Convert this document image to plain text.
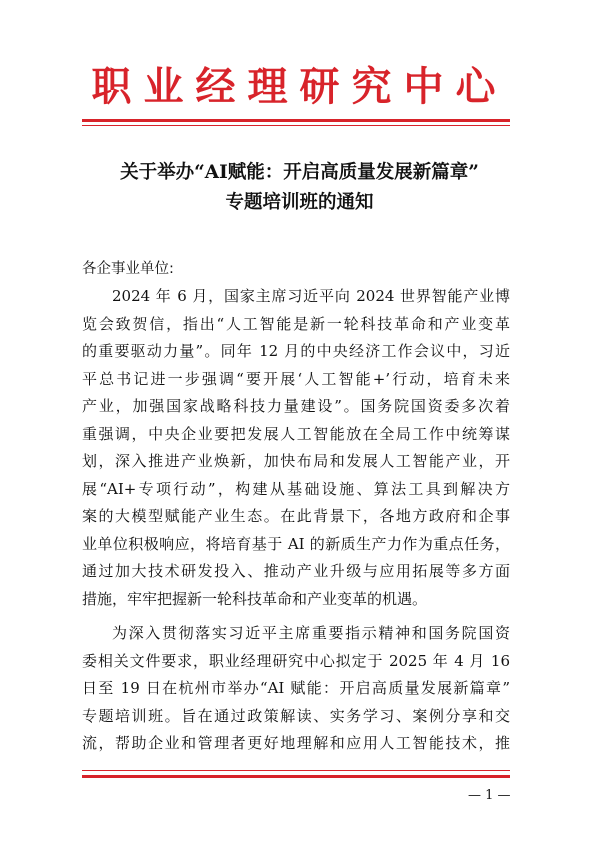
职业经理研究中心
关于举办“AI赋能：开启高质量发展新篇章”
专题培训班的通知
各企事业单位:
2024 年 6 月，国家主席习近平向 2024 世界智能产业博
览会致贺信，指出“人工智能是新一轮科技革命和产业变革
的重要驱动力量”。同年 12 月的中央经济工作会议中，习近
平总书记进一步强调“要开展‘人工智能+’行动，培育未来
产业，加强国家战略科技力量建设”。国务院国资委多次着
重强调，中央企业要把发展人工智能放在全局工作中统筹谋
划，深入推进产业焕新，加快布局和发展人工智能产业，开
展“AI+专项行动”，构建从基础设施、算法工具到解决方
案的大模型赋能产业生态。在此背景下，各地方政府和企事
业单位积极响应，将培育基于 AI 的新质生产力作为重点任务，
通过加大技术研发投入、推动产业升级与应用拓展等多方面
措施，牢牢把握新一轮科技革命和产业变革的机遇。
为深入贯彻落实习近平主席重要指示精神和国务院国资
委相关文件要求，职业经理研究中心拟定于 2025 年 4 月 16
日至 19 日在杭州市举办“AI 赋能：开启高质量发展新篇章”
专题培训班。旨在通过政策解读、实务学习、案例分享和交
流，帮助企业和管理者更好地理解和应用人工智能技术，推
— 1 —
